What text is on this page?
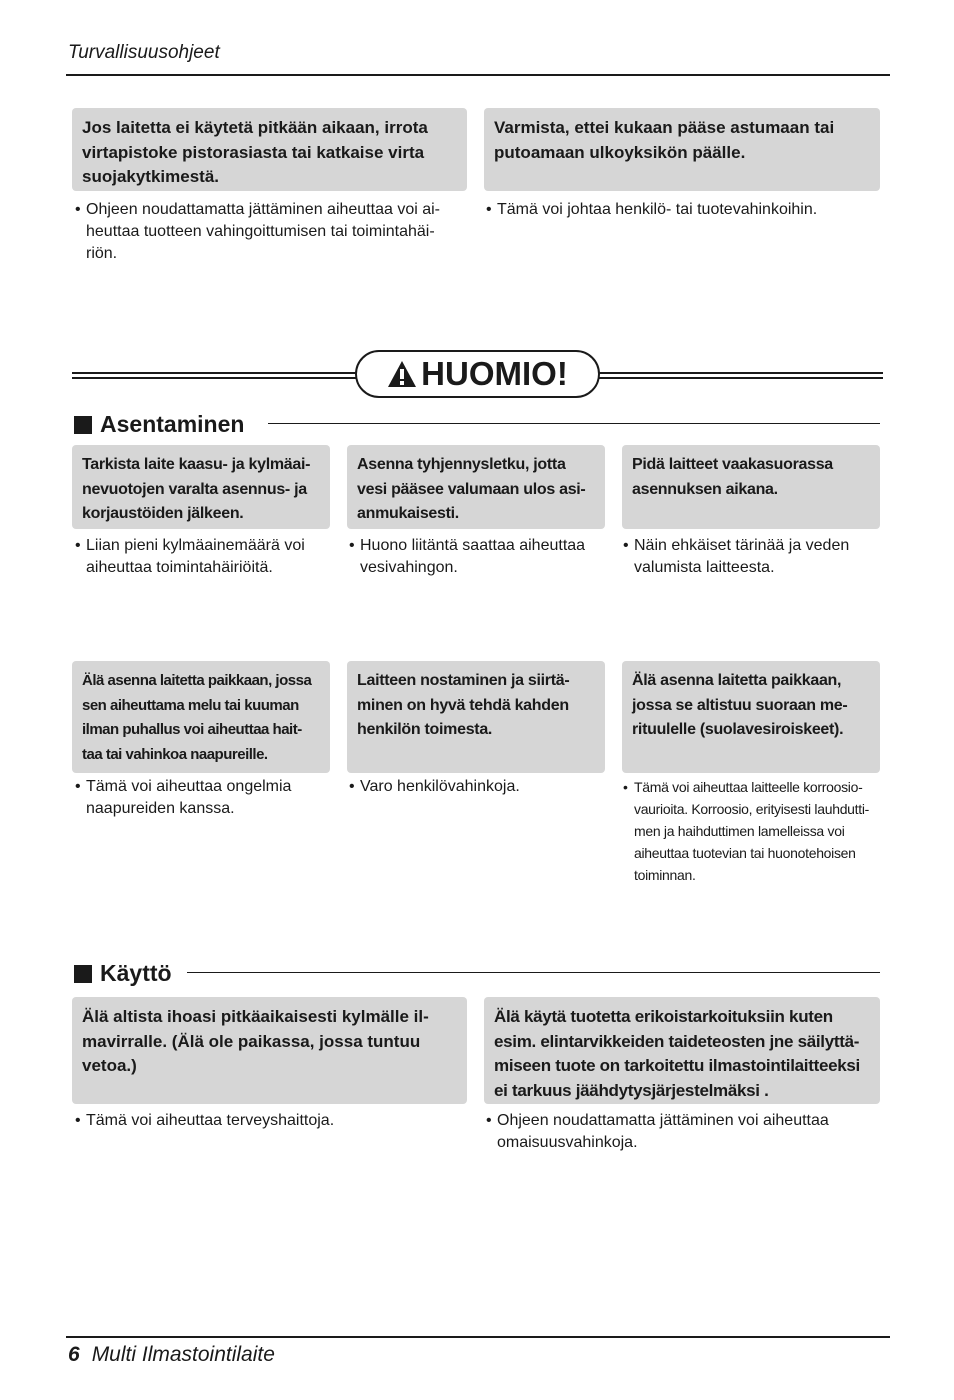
Turvallisuusohjeet
Jos laitetta ei käytetä pitkään aikaan, irrota
virtapistoke pistorasiasta tai katkaise virta
suojakytkimestä.
• Ohjeen noudattamatta jättäminen aiheuttaa voi ai-
heuttaa tuotteen vahingoittumisen tai toimintahäi-
riön.
Varmista, ettei kukaan pääse astumaan tai
putoamaan ulkoyksikön päälle.
• Tämä voi johtaa henkilö- tai tuotevahinkoihin.
HUOMIO!
Asentaminen
Tarkista laite kaasu- ja kylmäai-
nevuotojen varalta asennus- ja
korjaustöiden jälkeen.
• Liian pieni kylmäainemäärä voi
aiheuttaa toimintahäiriöitä.
Asenna tyhjennysletku, jotta
vesi pääsee valumaan ulos asi-
anmukaisesti.
• Huono liitäntä saattaa aiheuttaa
vesivahingon.
Pidä laitteet vaakasuorassa
asennuksen aikana.
• Näin ehkäiset tärinää ja veden
valumista laitteesta.
Älä asenna laitetta paikkaan, jossa
sen aiheuttama melu tai kuuman
ilman puhallus voi aiheuttaa hait-
taa tai vahinkoa naapureille.
• Tämä voi aiheuttaa ongelmia
naapureiden kanssa.
Laitteen nostaminen ja siirtä-
minen on hyvä tehdä kahden
henkilön toimesta.
• Varo henkilövahinkoja.
Älä asenna laitetta paikkaan,
jossa se altistuu suoraan me-
rituulelle (suolavesiroiskeet).
• Tämä voi aiheuttaa laitteelle korroosio-
vaurioita. Korroosio, erityisesti lauhdutti-
men ja haihduttimen lamelleissa voi
aiheuttaa tuotevian tai huonotehoisen
toiminnan.
Käyttö
Älä altista ihoasi pitkäaikaisesti kylmälle il-
mavirralle. (Älä ole paikassa, jossa tuntuu
vetoa.)
• Tämä voi aiheuttaa terveyshaittoja.
Älä käytä tuotetta erikoistarkoituksiin kuten
esim. elintarvikkeiden taideteosten jne säilyttä-
miseen tuote on tarkoitettu ilmastointilaitteeksi
ei tarkuus jäähdytysjärjestelmäksi .
• Ohjeen noudattamatta jättäminen voi aiheuttaa
omaisuusvahinkoja.
6 Multi Ilmastointilaite
